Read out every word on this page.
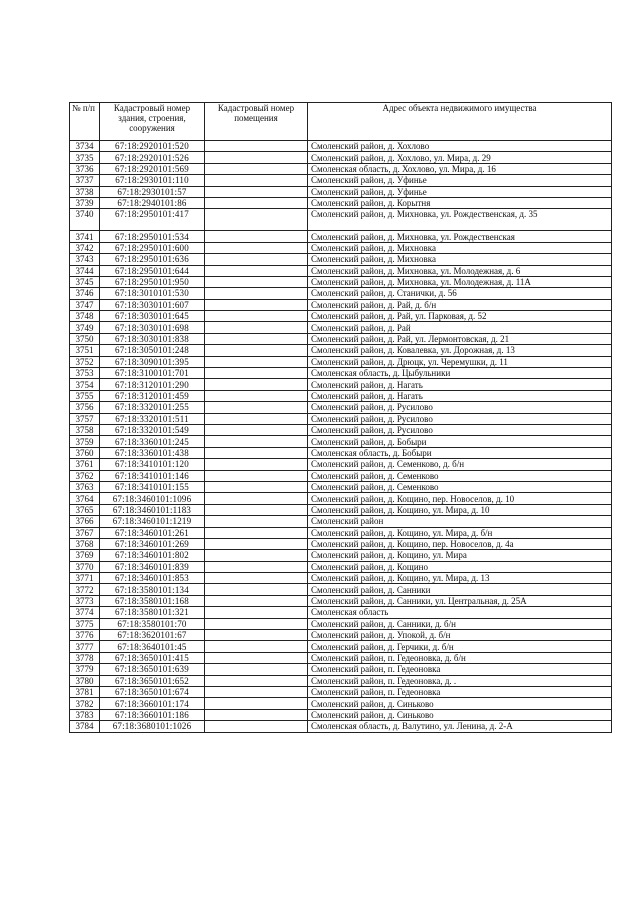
№ п/п	Кадастровый номер здания, строения, сооружения	Кадастровый номер помещения	Адрес объекта недвижимого имущества
3734	67:18:2920101:520		Смоленский район, д. Хохлово
3735	67:18:2920101:526		Смоленский район, д. Хохлово, ул. Мира, д. 29
3736	67:18:2920101:569		Смоленская область, д. Хохлово, ул. Мира, д. 16
3737	67:18:2930101:110		Смоленский район, д. Уфинье
3738	67:18:2930101:57		Смоленский район, д. Уфинье
3739	67:18:2940101:86		Смоленский район, д. Корытня
3740	67:18:2950101:417		Смоленский район, д. Михновка, ул. Рождественская, д. 35
3741	67:18:2950101:534		Смоленский район, д. Михновка, ул. Рождественская
3742	67:18:2950101:600		Смоленский район, д. Михновка
3743	67:18:2950101:636		Смоленский район, д. Михновка
3744	67:18:2950101:644		Смоленский район, д. Михновка, ул. Молодежная, д. 6
3745	67:18:2950101:950		Смоленский район, д. Михновка, ул. Молодежная, д. 11А
3746	67:18:3010101:530		Смоленский район, д. Станички, д. 56
3747	67:18:3030101:607		Смоленский район, д. Рай, д. б/н
3748	67:18:3030101:645		Смоленский район, д. Рай, ул. Парковая, д. 52
3749	67:18:3030101:698		Смоленский район, д. Рай
3750	67:18:3030101:838		Смоленский район, д. Рай, ул. Лермонтовская, д. 21
3751	67:18:3050101:248		Смоленский район, д. Ковалевка, ул. Дорожная, д. 13
3752	67:18:3090101:395		Смоленский район, д. Дрюцк, ул. Черемушки, д. 11
3753	67:18:3100101:701		Смоленская область, д. Цыбульники
3754	67:18:3120101:290		Смоленский район, д. Нагать
3755	67:18:3120101:459		Смоленский район, д. Нагать
3756	67:18:3320101:255		Смоленский район, д. Русилово
3757	67:18:3320101:511		Смоленский район, д. Русилово
3758	67:18:3320101:549		Смоленский район, д. Русилово
3759	67:18:3360101:245		Смоленский район, д. Бобыри
3760	67:18:3360101:438		Смоленская область, д. Бобыри
3761	67:18:3410101:120		Смоленский район, д. Семенково, д. б/н
3762	67:18:3410101:146		Смоленский район, д. Семенково
3763	67:18:3410101:155		Смоленский район, д. Семенково
3764	67:18:3460101:1096		Смоленский район, д. Кощино, пер. Новоселов, д. 10
3765	67:18:3460101:1183		Смоленский район, д. Кощино, ул. Мира, д. 10
3766	67:18:3460101:1219		Смоленский район
3767	67:18:3460101:261		Смоленский район, д. Кощино, ул. Мира, д. б/н
3768	67:18:3460101:269		Смоленский район, д. Кощино, пер. Новоселов, д. 4а
3769	67:18:3460101:802		Смоленский район, д. Кощино, ул. Мира
3770	67:18:3460101:839		Смоленский район, д. Кощино
3771	67:18:3460101:853		Смоленский район, д. Кощино, ул. Мира, д. 13
3772	67:18:3580101:134		Смоленский район, д. Санники
3773	67:18:3580101:168		Смоленский район, д. Санники, ул. Центральная, д. 25А
3774	67:18:3580101:321		Смоленская область
3775	67:18:3580101:70		Смоленский район, д. Санники, д. б/н
3776	67:18:3620101:67		Смоленский район, д. Упокой, д. б/н
3777	67:18:3640101:45		Смоленский район, д. Герчики, д. б/н
3778	67:18:3650101:415		Смоленский район, п. Гедеоновка, д. б/н
3779	67:18:3650101:639		Смоленский район, п. Гедеоновка
3780	67:18:3650101:652		Смоленский район, п. Гедеоновка, д. .
3781	67:18:3650101:674		Смоленский район, п. Гедеоновка
3782	67:18:3660101:174		Смоленский район, д. Синьково
3783	67:18:3660101:186		Смоленский район, д. Синьково
3784	67:18:3680101:1026		Смоленская область, д. Валутино, ул. Ленина, д. 2-А
